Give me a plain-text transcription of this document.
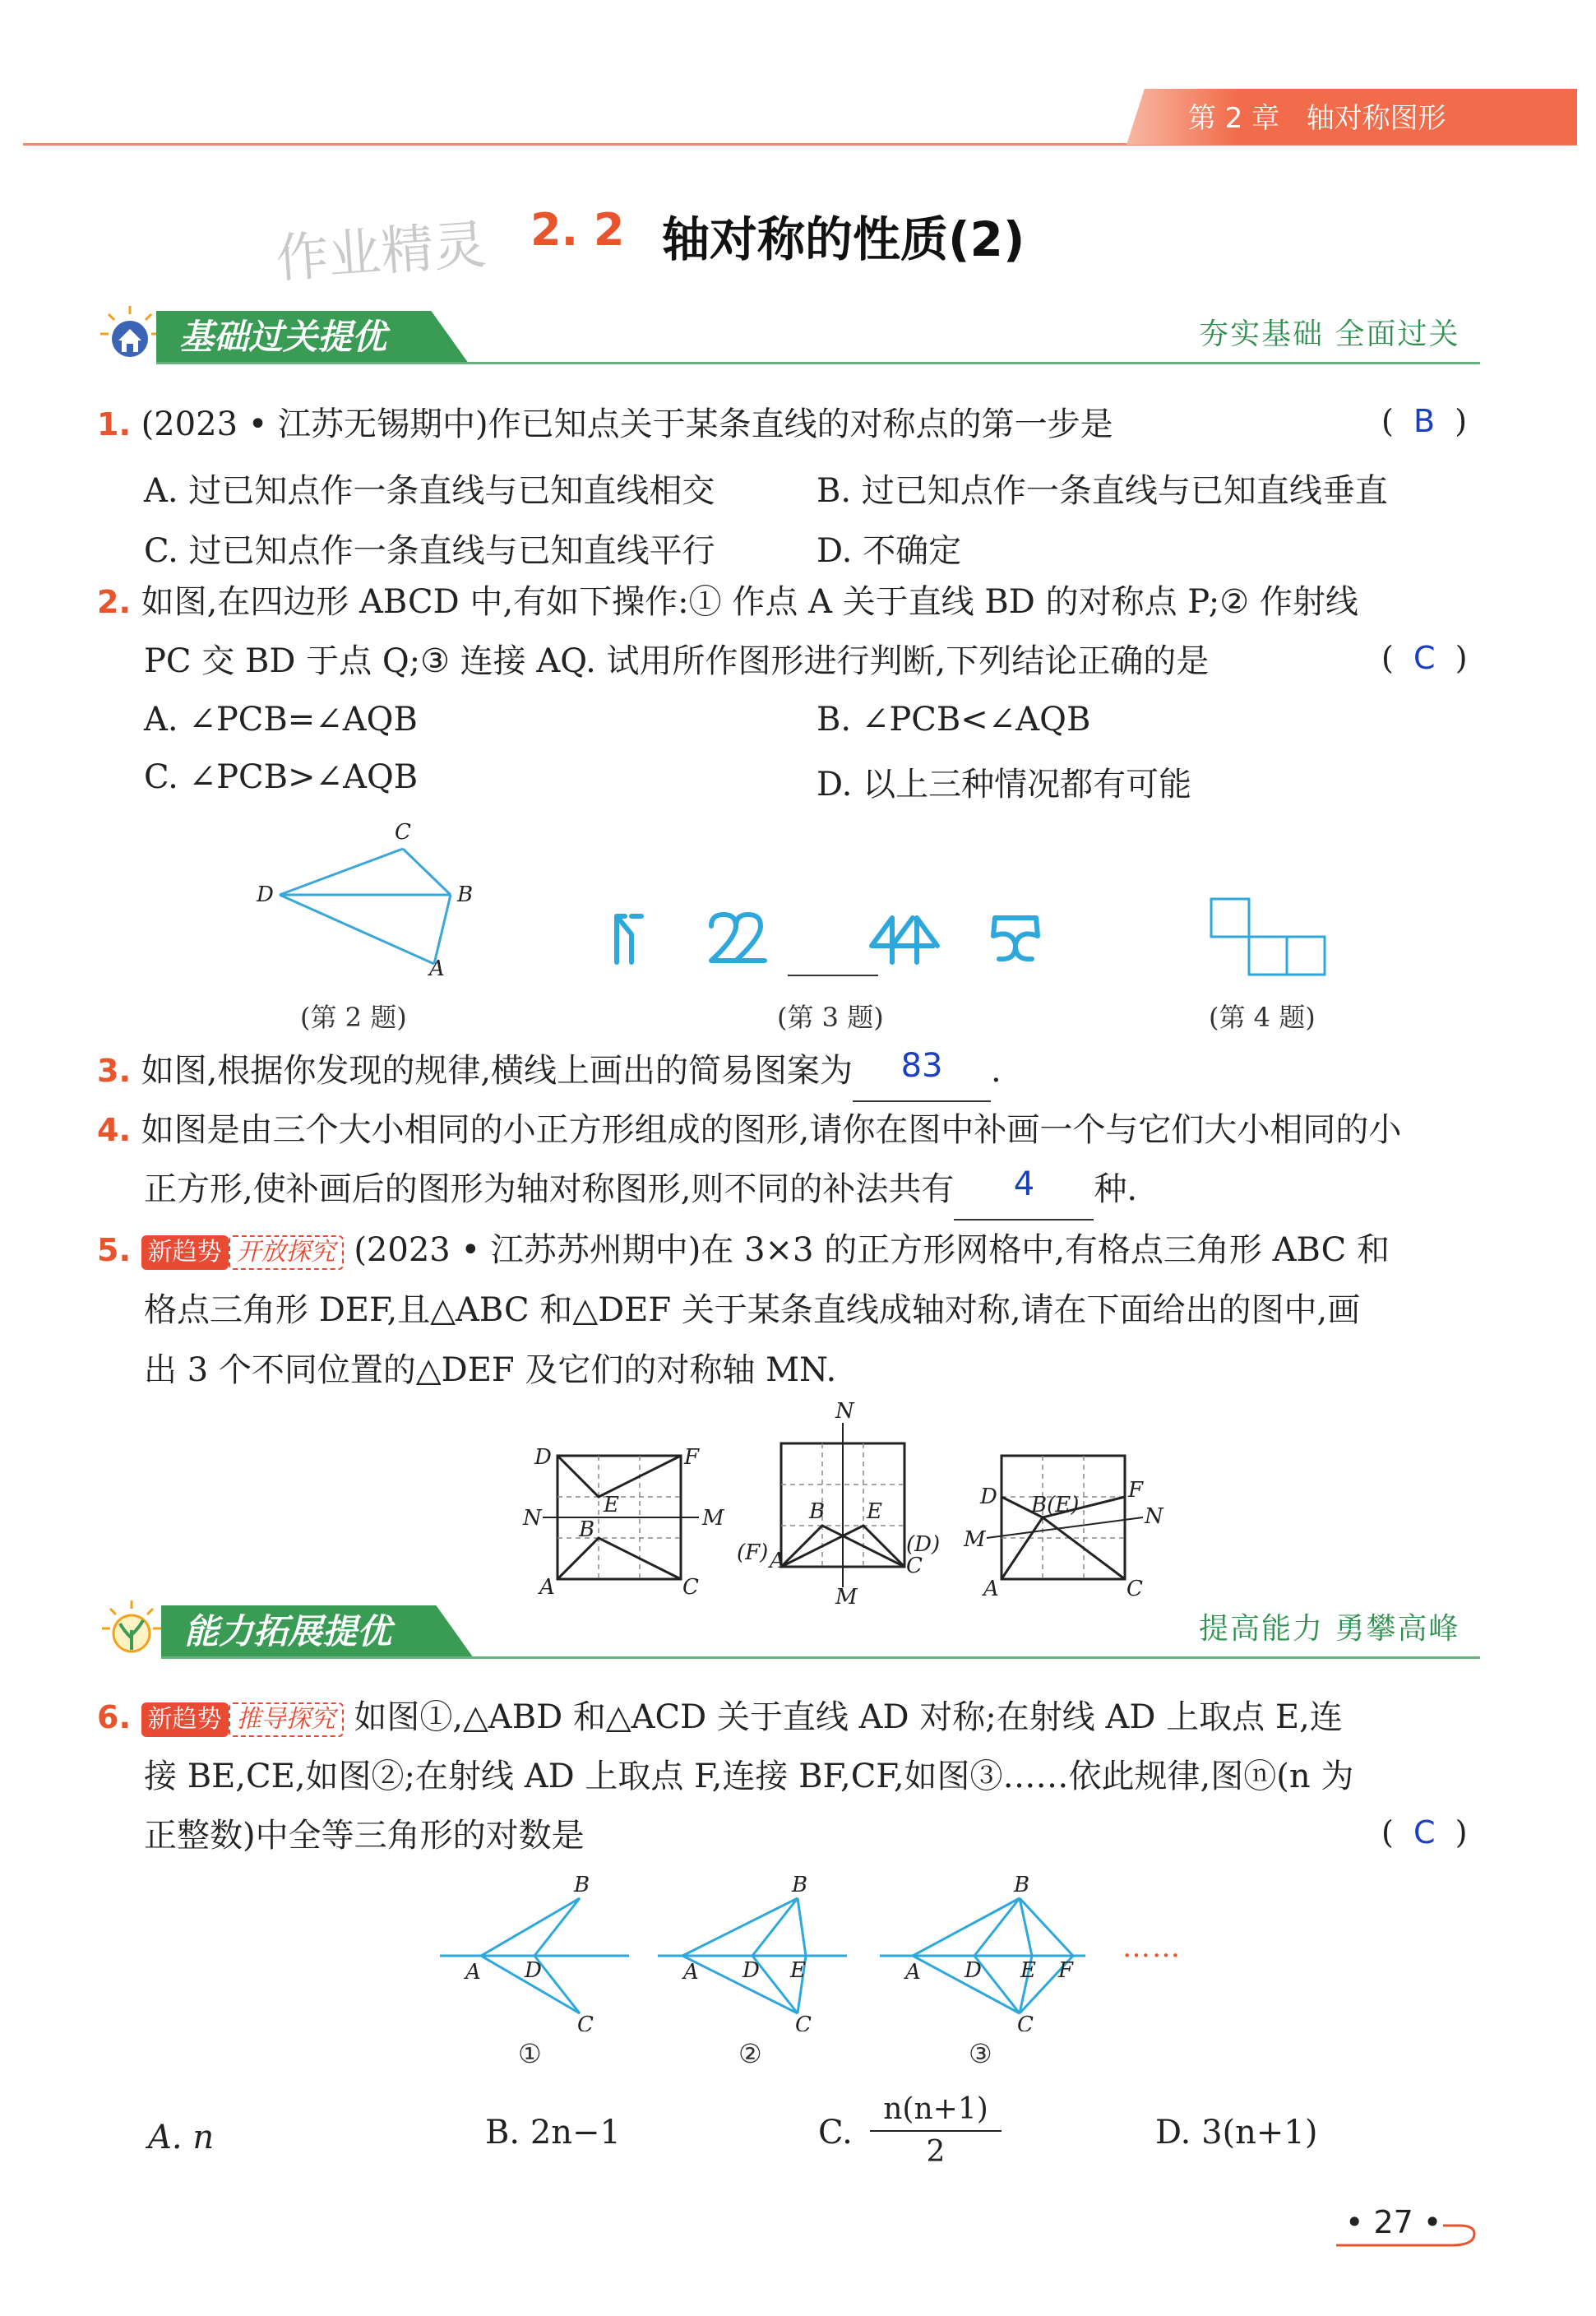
第 2 章 轴对称图形
作业精灵 2. 2 轴对称的性质(2)
基础过关提优	夯实基础 全面过关
1. (2023 • 江苏无锡期中)作已知点关于某条直线的对称点的第一步是	(  B  )
A. 过已知点作一条直线与已知直线相交	B. 过已知点作一条直线与已知直线垂直
C. 过已知点作一条直线与已知直线平行	D. 不确定
2. 如图,在四边形 ABCD 中,有如下操作:① 作点 A 关于直线 BD 的对称点 P;② 作射线
PC 交 BD 于点 Q;③ 连接 AQ. 试用所作图形进行判断,下列结论正确的是	(  C  )
A. ∠PCB=∠AQB	B. ∠PCB<∠AQB
C. ∠PCB>∠AQB	D. 以上三种情况都有可能
C
D	B
A
(第 2 题)	(第 3 题)	(第 4 题)
3. 如图,根据你发现的规律,横线上画出的简易图案为 83 .
4. 如图是由三个大小相同的小正方形组成的图形,请你在图中补画一个与它们大小相同的小
正方形,使补画后的图形为轴对称图形,则不同的补法共有 4 种.
5. 新趋势 开放探究 (2023 • 江苏苏州期中)在 3×3 的正方形网格中,有格点三角形 ABC 和
格点三角形 DEF,且△ABC 和△DEF 关于某条直线成轴对称,请在下面给出的图中,画
出 3 个不同位置的△DEF 及它们的对称轴 MN.
D	F
N	M
E
B
A	C
N
B E
(F)	(D)
A	C
M
D	F
B(E)
M
N
A	C
能力拓展提优	提高能力 勇攀高峰
6. 新趋势 推导探究 如图①,△ABD 和△ACD 关于直线 AD 对称;在射线 AD 上取点 E,连
接 BE,CE,如图②;在射线 AD 上取点 F,连接 BF,CF,如图③……依此规律,图ⓝ(n 为
正整数)中全等三角形的对数是	(  C  )
B
A D
C
B
A D E
C
B
A D E F
C
……
①	②	③
A. n	B. 2n−1	C.
n(n+1)
2
D. 3(n+1)
• 27 •
